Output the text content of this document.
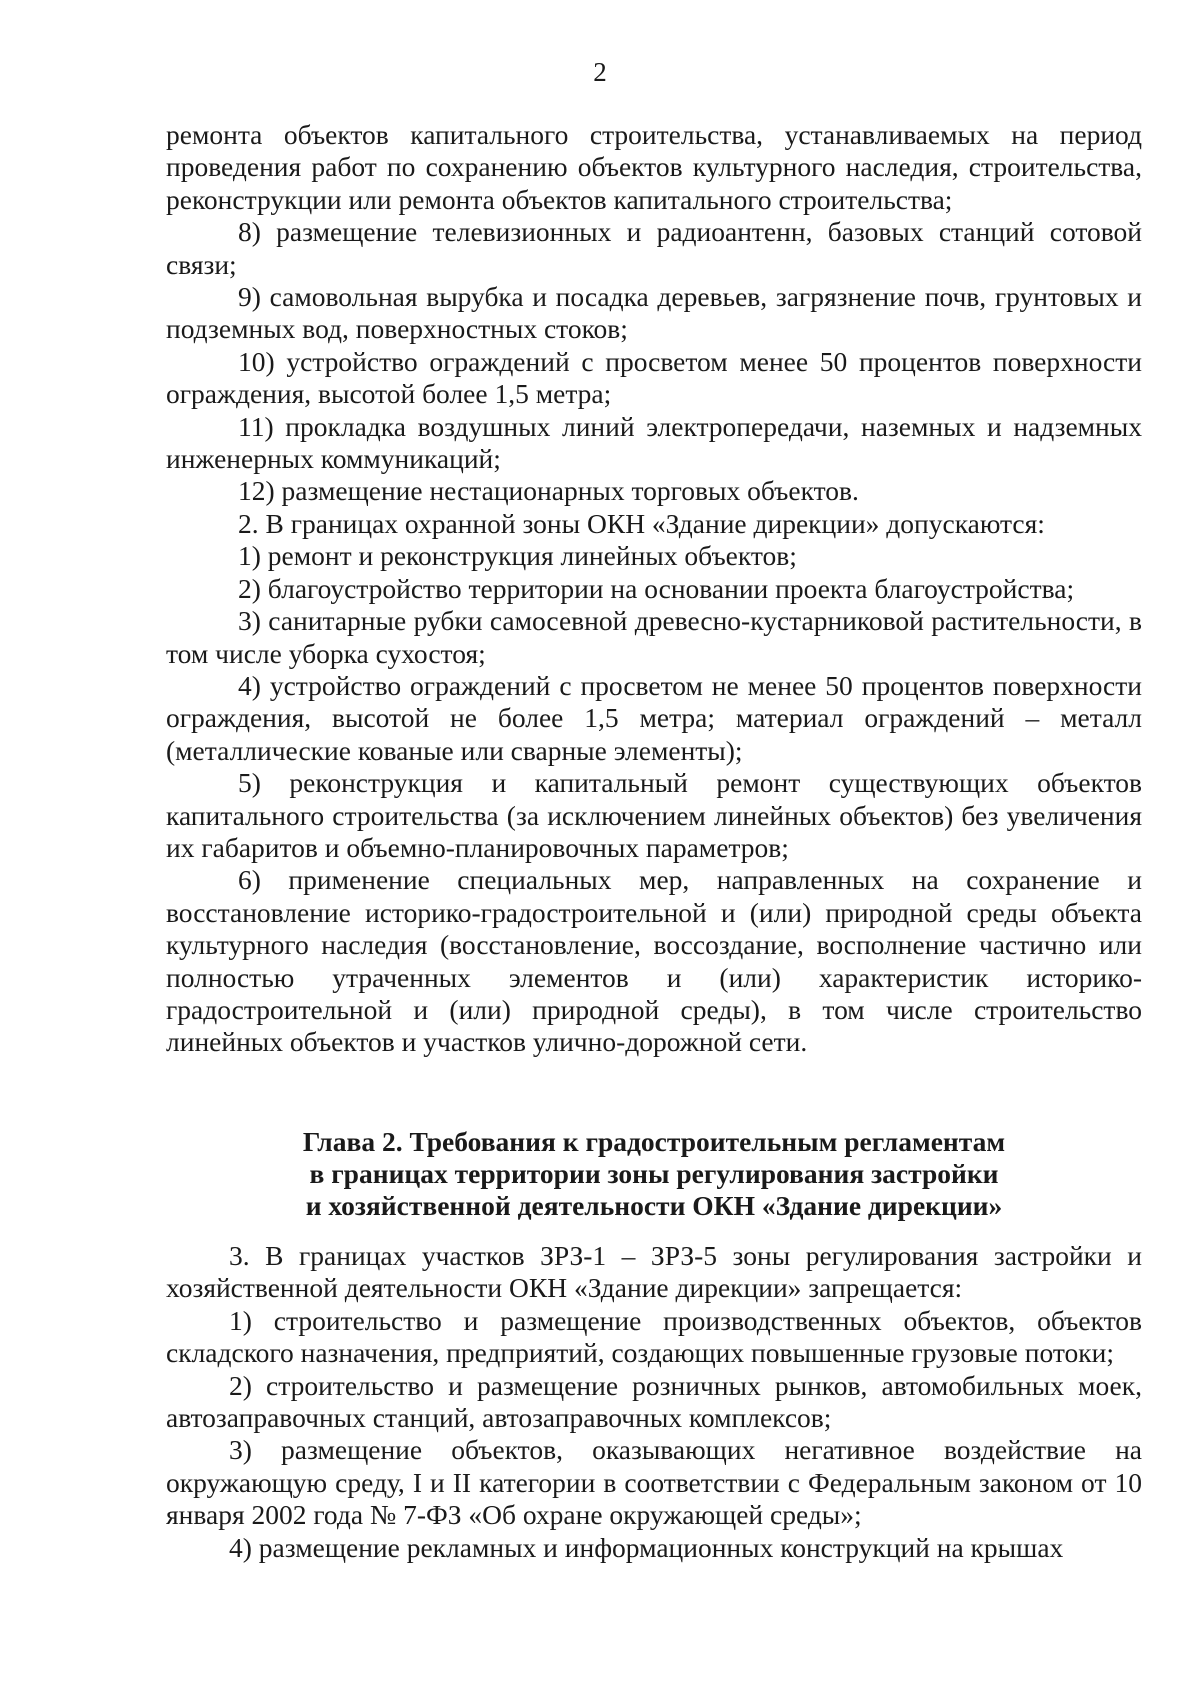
2

ремонта объектов капитального строительства, устанавливаемых на период проведения работ по сохранению объектов культурного наследия, строительства, реконструкции или ремонта объектов капитального строительства;

8) размещение телевизионных и радиоантенн, базовых станций сотовой связи;

9) самовольная вырубка и посадка деревьев, загрязнение почв, грунтовых и подземных вод, поверхностных стоков;

10) устройство ограждений с просветом менее 50 процентов поверхности ограждения, высотой более 1,5 метра;

11) прокладка воздушных линий электропередачи, наземных и надземных инженерных коммуникаций;

12) размещение нестационарных торговых объектов.

2. В границах охранной зоны ОКН «Здание дирекции» допускаются:

1) ремонт и реконструкция линейных объектов;

2) благоустройство территории на основании проекта благоустройства;

3) санитарные рубки самосевной древесно-кустарниковой растительности, в том числе уборка сухостоя;

4) устройство ограждений с просветом не менее 50 процентов поверхности ограждения, высотой не более 1,5 метра; материал ограждений – металл (металлические кованые или сварные элементы);

5) реконструкция и капитальный ремонт существующих объектов капитального строительства (за исключением линейных объектов) без увеличения их габаритов и объемно-планировочных параметров;

6) применение специальных мер, направленных на сохранение и восстановление историко-градостроительной и (или) природной среды объекта культурного наследия (восстановление, воссоздание, восполнение частично или полностью утраченных элементов и (или) характеристик историко-градостроительной и (или) природной среды), в том числе строительство линейных объектов и участков улично-дорожной сети.

Глава 2. Требования к градостроительным регламентам
в границах территории зоны регулирования застройки
и хозяйственной деятельности ОКН «Здание дирекции»

3. В границах участков ЗРЗ-1 – ЗРЗ-5 зоны регулирования застройки и хозяйственной деятельности ОКН «Здание дирекции» запрещается:

1) строительство и размещение производственных объектов, объектов складского назначения, предприятий, создающих повышенные грузовые потоки;

2) строительство и размещение розничных рынков, автомобильных моек, автозаправочных станций, автозаправочных комплексов;

3) размещение объектов, оказывающих негативное воздействие на окружающую среду, I и II категории в соответствии с Федеральным законом от 10 января 2002 года № 7-ФЗ «Об охране окружающей среды»;

4) размещение рекламных и информационных конструкций на крышах
